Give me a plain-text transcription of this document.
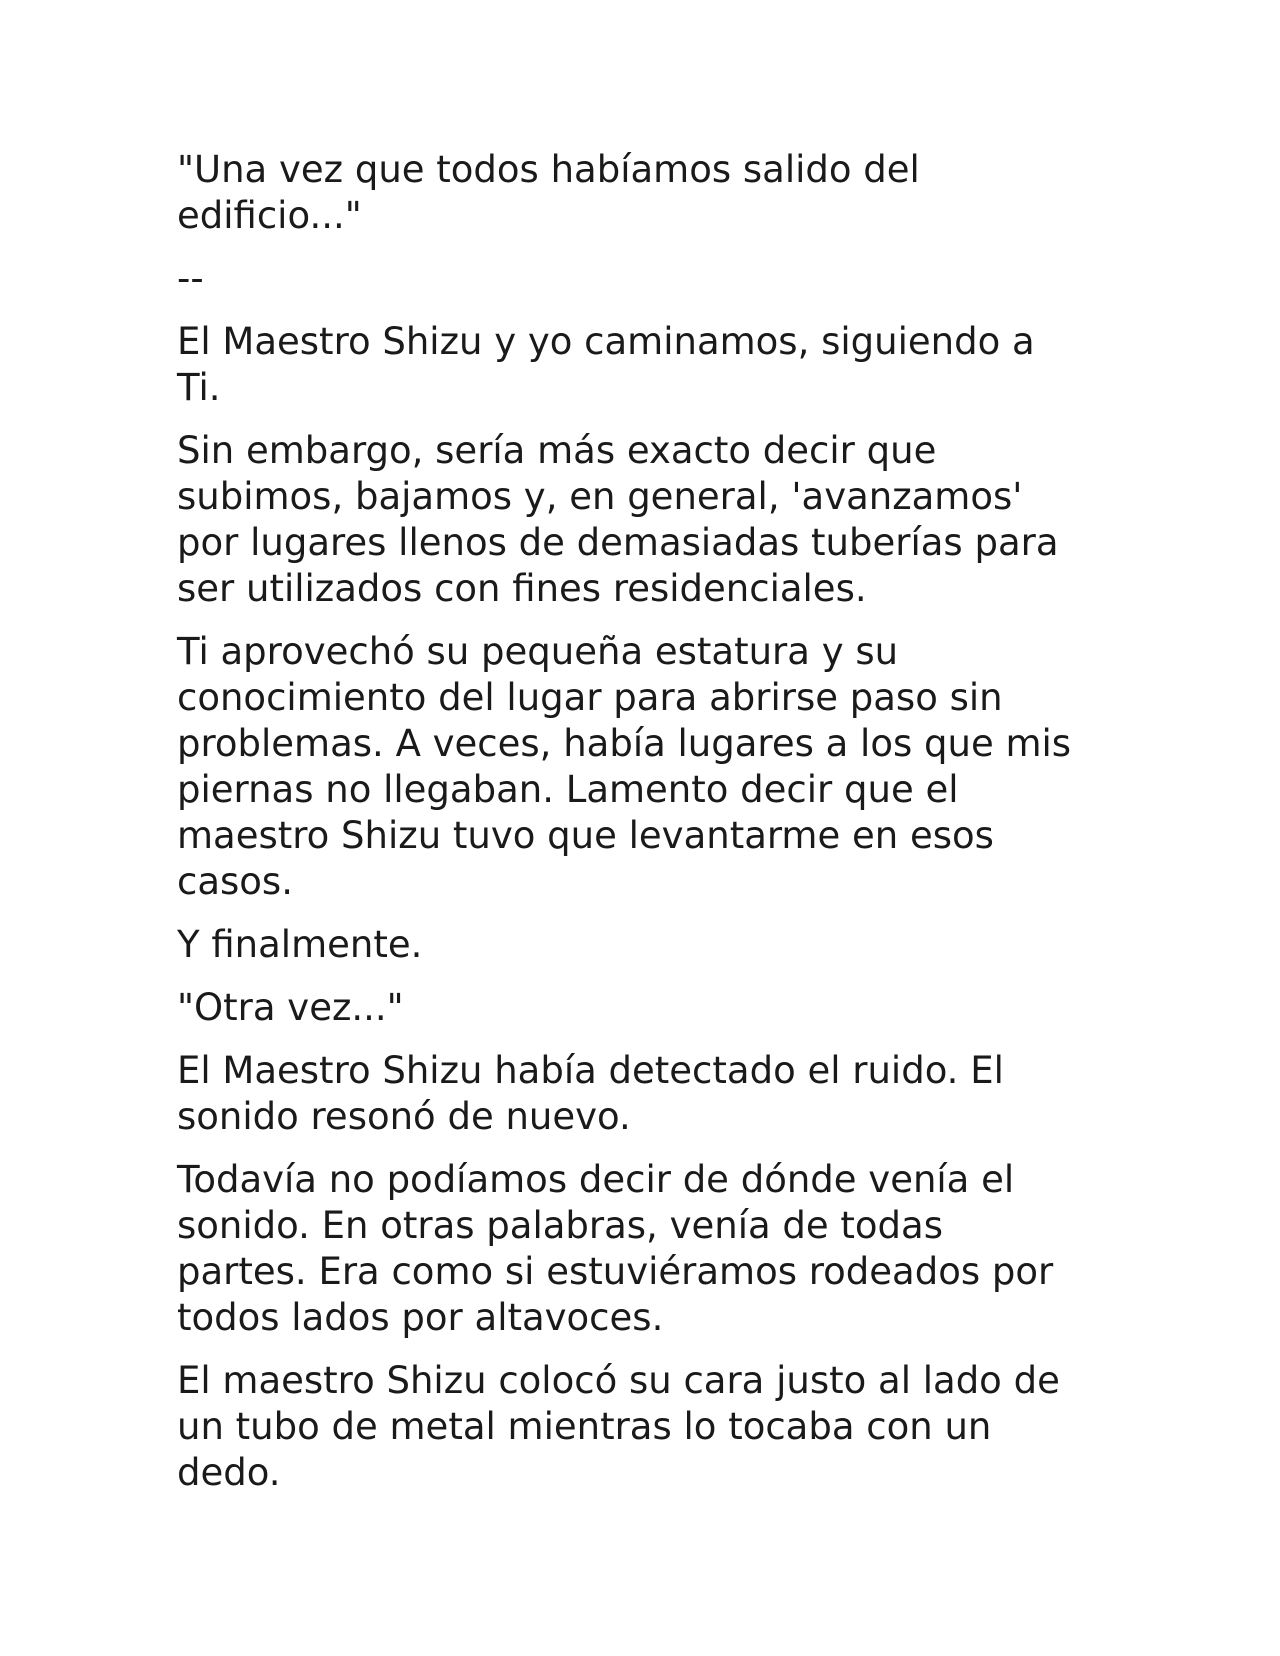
"Una vez que todos habíamos salido del
edificio..."

--

El Maestro Shizu y yo caminamos, siguiendo a
Ti.

Sin embargo, sería más exacto decir que
subimos, bajamos y, en general, 'avanzamos'
por lugares llenos de demasiadas tuberías para
ser utilizados con fines residenciales.

Ti aprovechó su pequeña estatura y su
conocimiento del lugar para abrirse paso sin
problemas. A veces, había lugares a los que mis
piernas no llegaban. Lamento decir que el
maestro Shizu tuvo que levantarme en esos
casos.

Y finalmente.

"Otra vez..."

El Maestro Shizu había detectado el ruido. El
sonido resonó de nuevo.

Todavía no podíamos decir de dónde venía el
sonido. En otras palabras, venía de todas
partes. Era como si estuviéramos rodeados por
todos lados por altavoces.

El maestro Shizu colocó su cara justo al lado de
un tubo de metal mientras lo tocaba con un
dedo.
